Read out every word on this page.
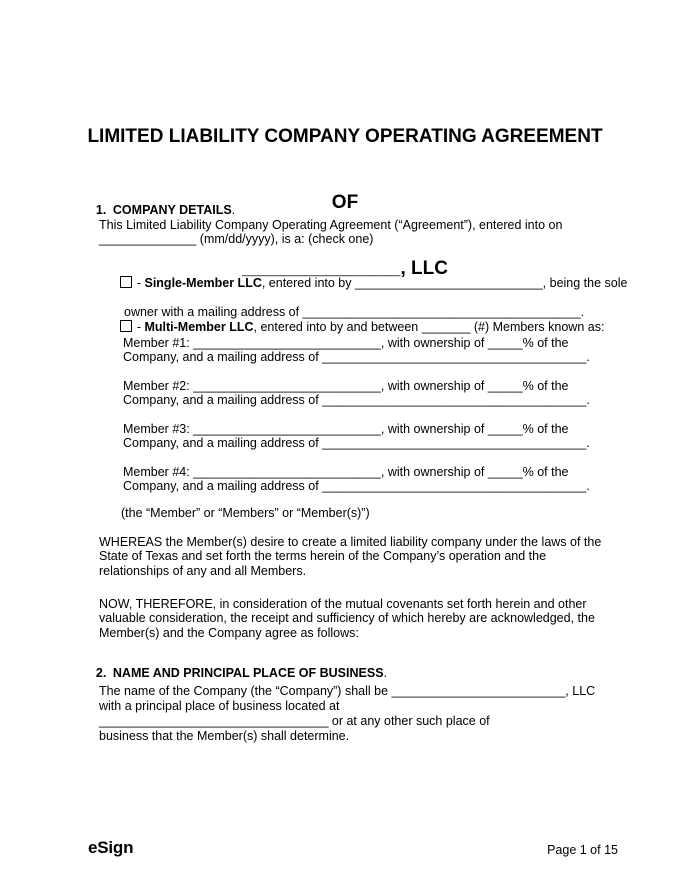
LIMITED LIABILITY COMPANY OPERATING AGREEMENT

OF

_______________, LLC

1. COMPANY DETAILS.

This Limited Liability Company Operating Agreement (“Agreement”), entered into on
______________ (mm/dd/yyyy), is a: (check one)

- Single-Member LLC, entered into by ___________________________, being the sole

owner with a mailing address of ________________________________________.

- Multi-Member LLC, entered into by and between _______ (#) Members known as:

Member #1: ___________________________, with ownership of _____% of the
Company, and a mailing address of ______________________________________.
Member #2: ___________________________, with ownership of _____% of the
Company, and a mailing address of ______________________________________.
Member #3: ___________________________, with ownership of _____% of the
Company, and a mailing address of ______________________________________.
Member #4: ___________________________, with ownership of _____% of the
Company, and a mailing address of ______________________________________.
(the “Member” or “Members” or “Member(s)”)
WHEREAS the Member(s) desire to create a limited liability company under the laws of the
State of Texas and set forth the terms herein of the Company’s operation and the
relationships of any and all Members.
NOW, THEREFORE, in consideration of the mutual covenants set forth herein and other
valuable consideration, the receipt and sufficiency of which hereby are acknowledged, the
Member(s) and the Company agree as follows:

2. NAME AND PRINCIPAL PLACE OF BUSINESS.

The name of the Company (the “Company”) shall be _________________________, LLC
with a principal place of business located at
_________________________________ or at any other such place of
business that the Member(s) shall determine.
eSign	Page 1 of 15
